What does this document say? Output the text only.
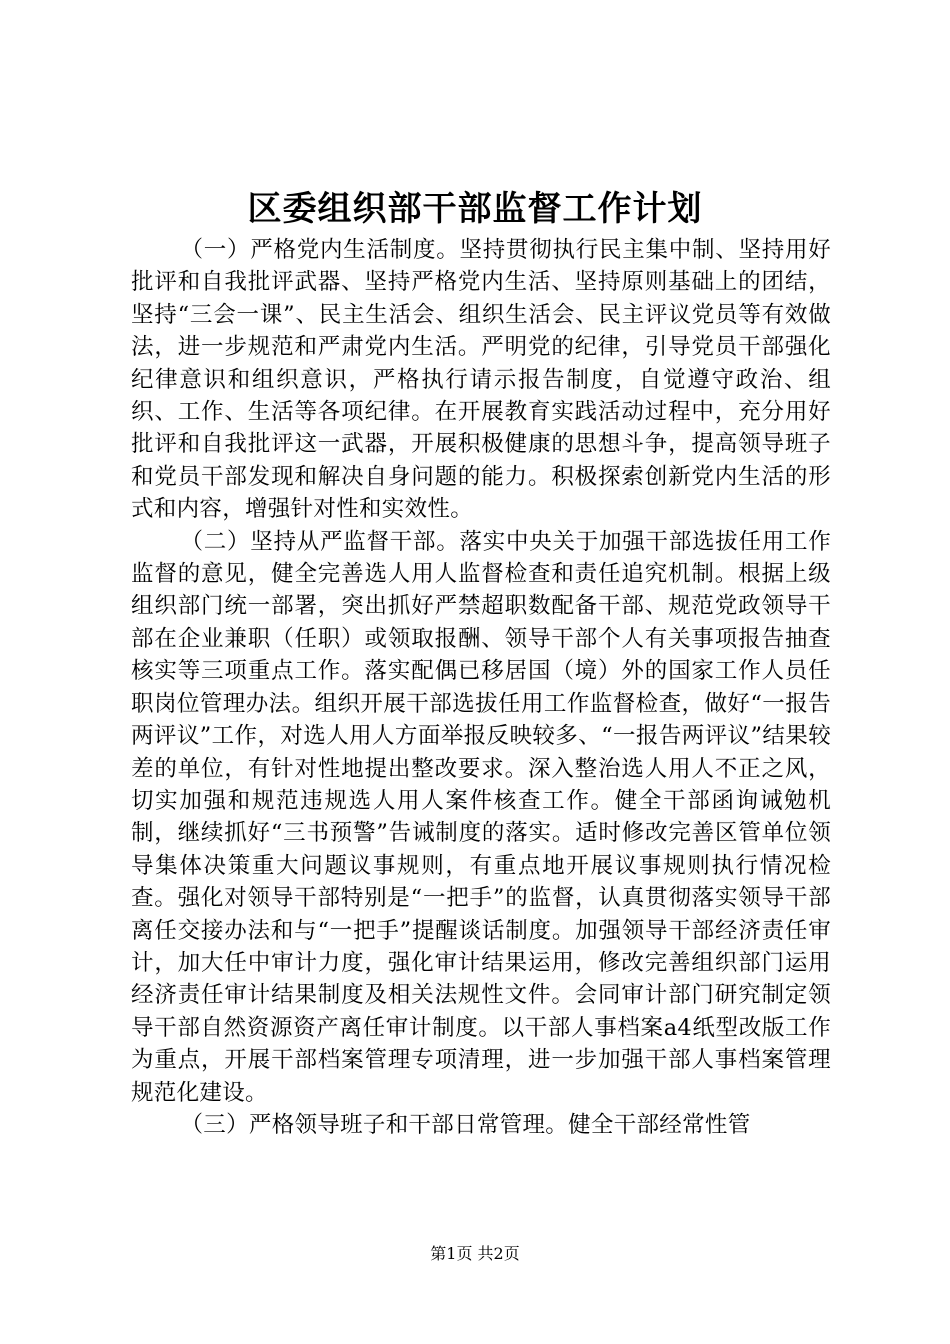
区委组织部干部监督工作计划

（一）严格党内生活制度。坚持贯彻执行民主集中制、坚持用好批评和自我批评武器、坚持严格党内生活、坚持原则基础上的团结，坚持“三会一课”、民主生活会、组织生活会、民主评议党员等有效做法，进一步规范和严肃党内生活。严明党的纪律，引导党员干部强化纪律意识和组织意识，严格执行请示报告制度，自觉遵守政治、组织、工作、生活等各项纪律。在开展教育实践活动过程中，充分用好批评和自我批评这一武器，开展积极健康的思想斗争，提高领导班子和党员干部发现和解决自身问题的能力。积极探索创新党内生活的形式和内容，增强针对性和实效性。

（二）坚持从严监督干部。落实中央关于加强干部选拔任用工作监督的意见，健全完善选人用人监督检查和责任追究机制。根据上级组织部门统一部署，突出抓好严禁超职数配备干部、规范党政领导干部在企业兼职（任职）或领取报酬、领导干部个人有关事项报告抽查核实等三项重点工作。落实配偶已移居国（境）外的国家工作人员任职岗位管理办法。组织开展干部选拔任用工作监督检查，做好“一报告两评议”工作，对选人用人方面举报反映较多、“一报告两评议”结果较差的单位，有针对性地提出整改要求。深入整治选人用人不正之风，切实加强和规范违规选人用人案件核查工作。健全干部函询诫勉机制，继续抓好“三书预警”告诫制度的落实。适时修改完善区管单位领导集体决策重大问题议事规则，有重点地开展议事规则执行情况检查。强化对领导干部特别是“一把手”的监督，认真贯彻落实领导干部离任交接办法和与“一把手”提醒谈话制度。加强领导干部经济责任审计，加大任中审计力度，强化审计结果运用，修改完善组织部门运用经济责任审计结果制度及相关法规性文件。会同审计部门研究制定领导干部自然资源资产离任审计制度。以干部人事档案a4纸型改版工作为重点，开展干部档案管理专项清理，进一步加强干部人事档案管理规范化建设。

（三）严格领导班子和干部日常管理。健全干部经常性管

第1页 共2页
